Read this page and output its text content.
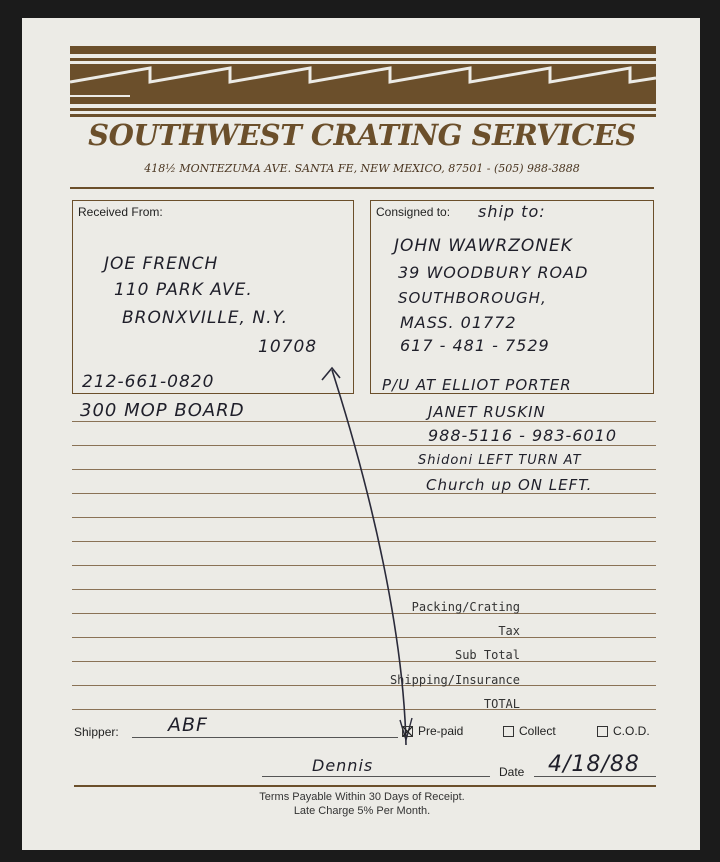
SOUTHWEST CRATING SERVICES
418½ MONTEZUMA AVE. SANTA FE, NEW MEXICO, 87501 - (505) 988-3888
Received From:
JOE FRENCH
110 PARK AVE.
BRONXVILLE, N.Y.
10708
212-661-0820
Consigned to: ship to:
JOHN WAWRZONEK
39 WOODBURY ROAD
SOUTHBOROUGH,
MASS. 01772
617 - 481 - 7529
P/U AT ELLIOT PORTER
300 MOP BOARD	JANET RUSKIN
988-5116 - 983-6010
Shidoni LEFT TURN AT
Church up ON LEFT.
Packing/Crating
Tax
Sub Total
Shipping/Insurance
TOTAL
Shipper:	ABF	Pre-paid	Collect	C.O.D.
Dennis	Date 4/18/88
Terms Payable Within 30 Days of Receipt.
Late Charge 5% Per Month.
